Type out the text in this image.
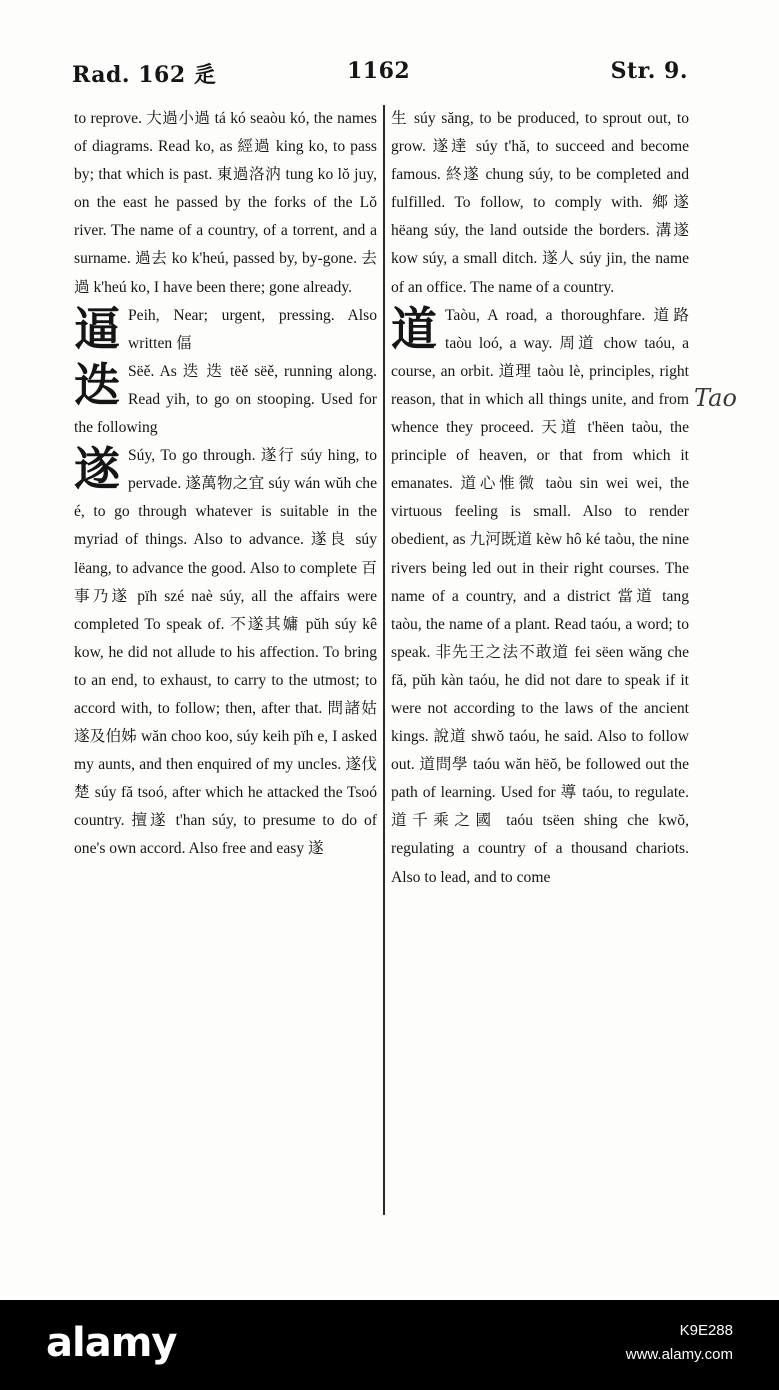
Rad. 162 辵	1162	Str. 9.

to reprove. 大過小過 tá kó seaòu kó, the names of diagrams. Read ko, as 經過 king ko, to pass by; that which is past. 東過洛汭 tung ko lŏ juy, on the east he passed by the forks of the Lŏ river. The name of a country, of a torrent, and a surname. 過去 ko k'heú, passed by, by-gone. 去過 k'heú ko, I have been there; gone already.

逼 Peih, Near; urgent, pressing. Also written 偪

迭 Sëě. As 迭 迭 tëě sëě, running along. Read yih, to go on stooping. Used for the following

遂 Súy, To go through. 遂行 súy hing, to pervade. 遂萬物之宜 súy wán wŭh che é, to go through whatever is suitable in the myriad of things. Also to advance. 遂良 súy lëang, to advance the good. Also to complete 百事乃遂 pïh szé naè súy, all the affairs were completed To speak of. 不遂其嫞 pŭh súy kê kow, he did not allude to his affection. To bring to an end, to exhaust, to carry to the utmost; to accord with, to follow; then, after that. 問諸姑遂及伯姊 wăn choo koo, súy keih pïh e, I asked my aunts, and then enquired of my uncles. 遂伐楚 súy fă tsoó, after which he attacked the Tsoó country. 擅遂 t'han súy, to presume to do of one's own accord. Also free and easy 遂

生 súy săng, to be produced, to sprout out, to grow. 遂達 súy t'hă, to succeed and become famous. 終遂 chung súy, to be completed and fulfilled. To follow, to comply with. 鄉遂 hëang súy, the land outside the borders. 溝遂 kow súy, a small ditch. 遂人 súy jin, the name of an office. The name of a country.

道 Taòu, A road, a thoroughfare. 道路 taòu loó, a way. 周道 chow taóu, a course, an orbit. 道理 taòu lè, principles, right reason, that in which all things unite, and from whence they proceed. 天道 t'hëen taòu, the principle of heaven, or that from which it emanates. 道心惟微 taòu sin wei wei, the virtuous feeling is small. Also to render obedient, as 九河既道 kèw hô ké taòu, the nine rivers being led out in their right courses. The name of a country, and a district 當道 tang taòu, the name of a plant. Read taóu, a word; to speak. 非先王之法不敢道 fei sëen wăng che fă, pŭh kàn taóu, he did not dare to speak if it were not according to the laws of the ancient kings. 說道 shwŏ taóu, he said. Also to follow out. 道問學 taóu wăn hëŏ, be followed out the path of learning. Used for 導 taóu, to regulate. 道千乘之國 taóu tsëen shing che kwŏ, regulating a country of a thousand chariots. Also to lead, and to come

Tao
alamy	K9E288
www.alamy.com
